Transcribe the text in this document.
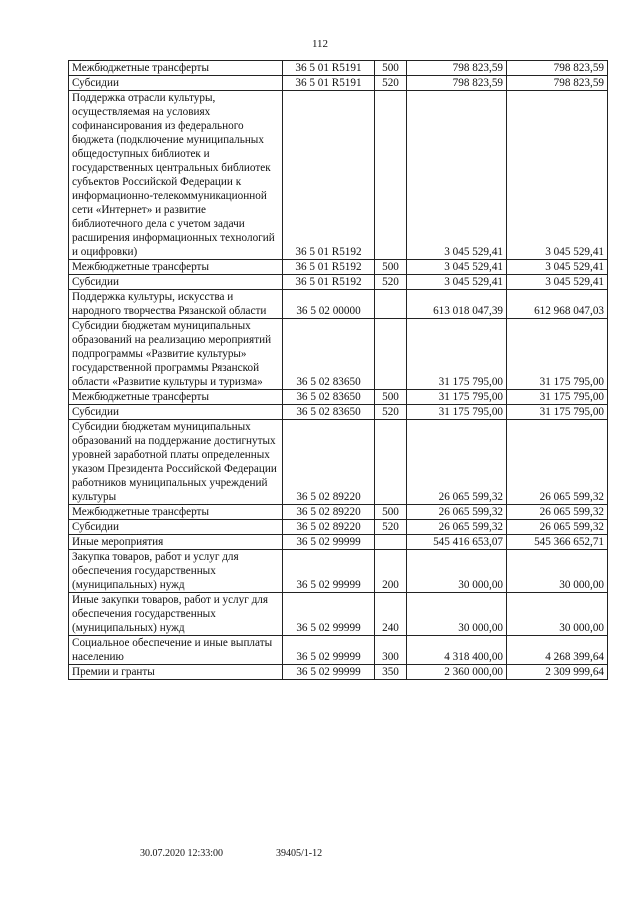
112
Межбюджетные трансферты	36 5 01 R5191	500	798 823,59	798 823,59
Субсидии	36 5 01 R5191	520	798 823,59	798 823,59
Поддержка отрасли культуры, осуществляемая на условиях софинансирования из федерального бюджета (подключение муниципальных общедоступных библиотек и государственных центральных библиотек субъектов Российской Федерации к информационно-телекоммуникационной сети «Интернет» и развитие библиотечного дела с учетом задачи расширения информационных технологий и оцифровки)	36 5 01 R5192		3 045 529,41	3 045 529,41
Межбюджетные трансферты	36 5 01 R5192	500	3 045 529,41	3 045 529,41
Субсидии	36 5 01 R5192	520	3 045 529,41	3 045 529,41
Поддержка культуры, искусства и народного творчества Рязанской области	36 5 02 00000		613 018 047,39	612 968 047,03
Субсидии бюджетам муниципальных образований на реализацию мероприятий подпрограммы «Развитие культуры» государственной программы Рязанской области «Развитие культуры и туризма»	36 5 02 83650		31 175 795,00	31 175 795,00
Межбюджетные трансферты	36 5 02 83650	500	31 175 795,00	31 175 795,00
Субсидии	36 5 02 83650	520	31 175 795,00	31 175 795,00
Субсидии бюджетам муниципальных образований на поддержание достигнутых уровней заработной платы определенных указом Президента Российской Федерации работников муниципальных учреждений культуры	36 5 02 89220		26 065 599,32	26 065 599,32
Межбюджетные трансферты	36 5 02 89220	500	26 065 599,32	26 065 599,32
Субсидии	36 5 02 89220	520	26 065 599,32	26 065 599,32
Иные мероприятия	36 5 02 99999		545 416 653,07	545 366 652,71
Закупка товаров, работ и услуг для обеспечения государственных (муниципальных) нужд	36 5 02 99999	200	30 000,00	30 000,00
Иные закупки товаров, работ и услуг для обеспечения государственных (муниципальных) нужд	36 5 02 99999	240	30 000,00	30 000,00
Социальное обеспечение и иные выплаты населению	36 5 02 99999	300	4 318 400,00	4 268 399,64
Премии и гранты	36 5 02 99999	350	2 360 000,00	2 309 999,64
30.07.2020 12:33:00	39405/1-12
